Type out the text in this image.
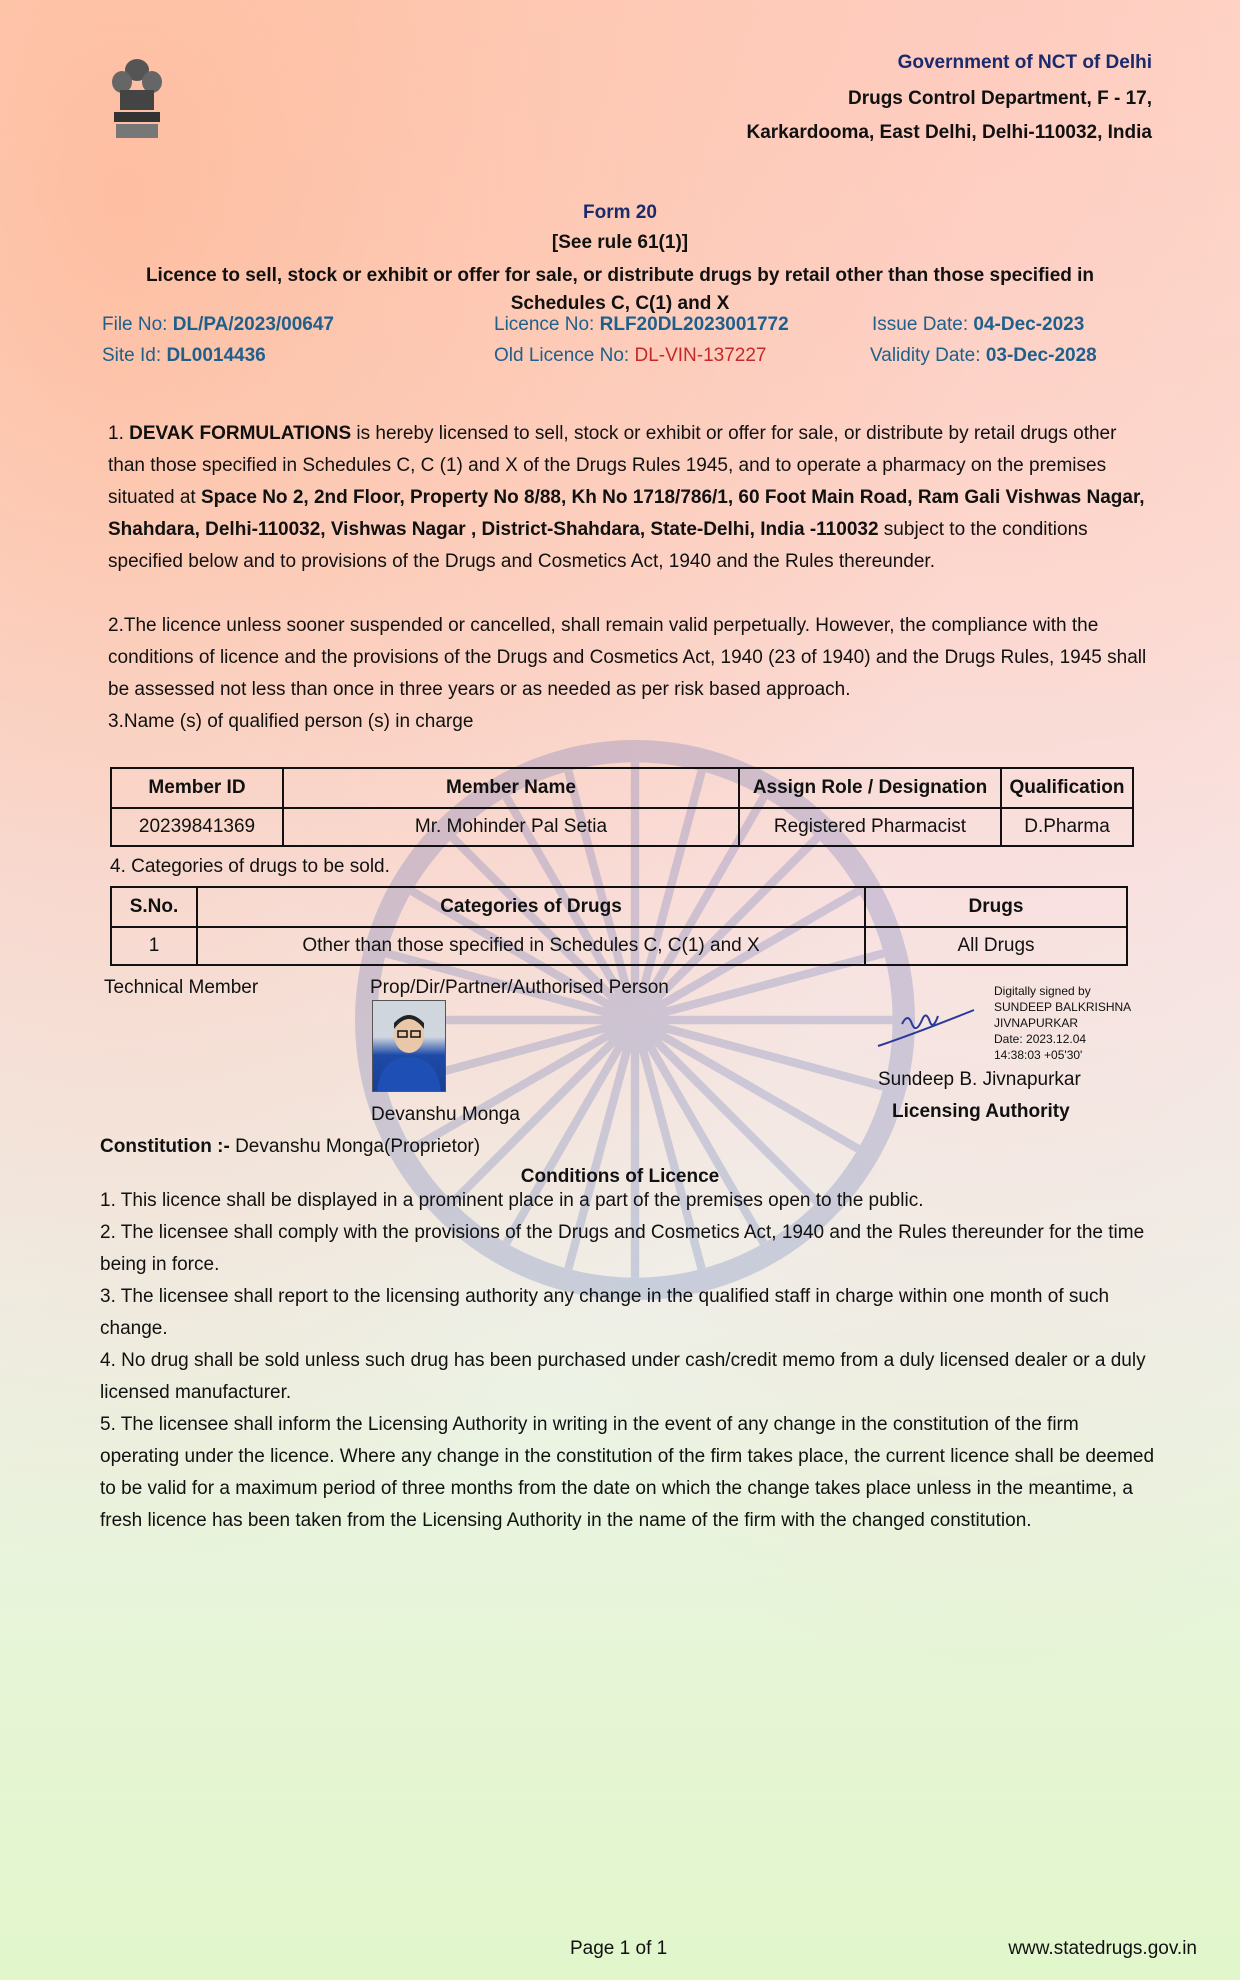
Government of NCT of Delhi
Drugs Control Department, F - 17,
Karkardooma, East Delhi, Delhi-110032, India
Form 20
[See rule 61(1)]
Licence to sell, stock or exhibit or offer for sale, or distribute drugs by retail other than those specified in
Schedules C, C(1) and X
File No: DL/PA/2023/00647	Licence No: RLF20DL2023001772	Issue Date: 04-Dec-2023
Site Id: DL0014436	Old Licence No: DL-VIN-137227	Validity Date: 03-Dec-2028
1. DEVAK FORMULATIONS is hereby licensed to sell, stock or exhibit or offer for sale, or distribute by retail drugs other than those specified in Schedules C, C (1) and X of the Drugs Rules 1945, and to operate a pharmacy on the premises situated at Space No 2, 2nd Floor, Property No 8/88, Kh No 1718/786/1, 60 Foot Main Road, Ram Gali Vishwas Nagar, Shahdara, Delhi-110032, Vishwas Nagar , District-Shahdara, State-Delhi, India -110032 subject to the conditions specified below and to provisions of the Drugs and Cosmetics Act, 1940 and the Rules thereunder.
2.The licence unless sooner suspended or cancelled, shall remain valid perpetually. However, the compliance with the conditions of licence and the provisions of the Drugs and Cosmetics Act, 1940 (23 of 1940) and the Drugs Rules, 1945 shall be assessed not less than once in three years or as needed as per risk based approach.
3.Name (s) of qualified person (s) in charge
Member ID	Member Name	Assign Role / Designation	Qualification
20239841369	Mr. Mohinder Pal Setia	Registered Pharmacist	D.Pharma
4. Categories of drugs to be sold.
S.No.	Categories of Drugs	Drugs
1	Other than those specified in Schedules C, C(1) and X	All Drugs
Technical Member	Prop/Dir/Partner/Authorised Person
Devanshu Monga
Digitally signed by
SUNDEEP BALKRISHNA
JIVNAPURKAR
Date: 2023.12.04
14:38:03 +05'30'
Sundeep B. Jivnapurkar
Licensing Authority
Constitution :- Devanshu Monga(Proprietor)
Conditions of Licence
1. This licence shall be displayed in a prominent place in a part of the premises open to the public.
2. The licensee shall comply with the provisions of the Drugs and Cosmetics Act, 1940 and the Rules thereunder for the time being in force.
3. The licensee shall report to the licensing authority any change in the qualified staff in charge within one month of such change.
4. No drug shall be sold unless such drug has been purchased under cash/credit memo from a duly licensed dealer or a duly licensed manufacturer.
5. The licensee shall inform the Licensing Authority in writing in the event of any change in the constitution of the firm operating under the licence. Where any change in the constitution of the firm takes place, the current licence shall be deemed to be valid for a maximum period of three months from the date on which the change takes place unless in the meantime, a fresh licence has been taken from the Licensing Authority in the name of the firm with the changed constitution.
Page 1 of 1	www.statedrugs.gov.in
